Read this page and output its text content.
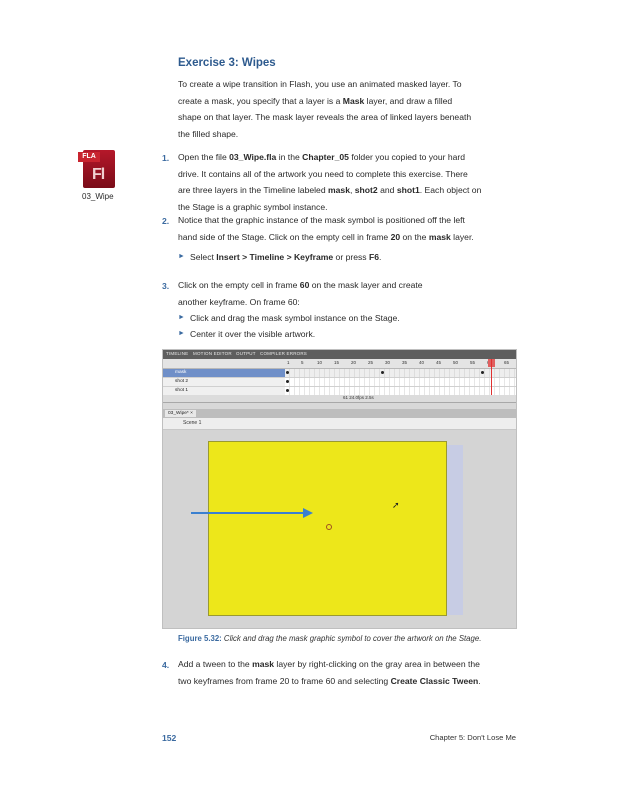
Exercise 3: Wipes
To create a wipe transition in Flash, you use an animated masked layer. To
create a mask, you specify that a layer is a Mask layer, and draw a filled
shape on that layer. The mask layer reveals the area of linked layers beneath
the filled shape.
FLA
Fl
03_Wipe
1. Open the file 03_Wipe.fla in the Chapter_05 folder you copied to your hard
drive. It contains all of the artwork you need to complete this exercise. There
are three layers in the Timeline labeled mask, shot2 and shot1. Each object on
the Stage is a graphic symbol instance.
2. Notice that the graphic instance of the mask symbol is positioned off the left
hand side of the Stage. Click on the empty cell in frame 20 on the mask layer.
► Select Insert > Timeline > Keyframe or press F6.
3. Click on the empty cell in frame 60 on the mask layer and create
another keyframe. On frame 60:
► Click and drag the mask symbol instance on the Stage.
► Center it over the visible artwork.
TIMELINE MOTION EDITOR OUTPUT COMPILER ERRORS
1	5	10	15	20	25	30	35	40	45	50	55	65
mask
shot 2
shot 1
61 24.0fps 2.5s
03_Wipe* ×
Scene 1
➚
Figure 5.32: Click and drag the mask graphic symbol to cover the artwork on the Stage.
4. Add a tween to the mask layer by right-clicking on the gray area in between the
two keyframes from frame 20 to frame 60 and selecting Create Classic Tween.
152	Chapter 5: Don't Lose Me
